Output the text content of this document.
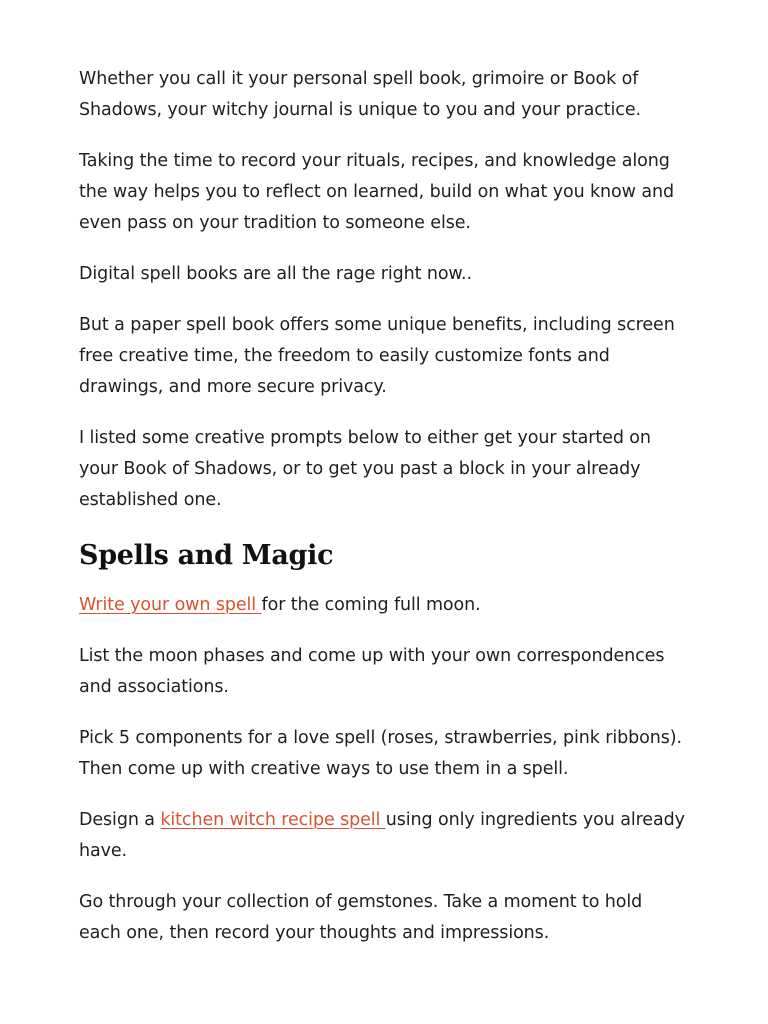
Whether you call it your personal spell book, grimoire or Book of Shadows, your witchy journal is unique to you and your practice.

Taking the time to record your rituals, recipes, and knowledge along the way helps you to reflect on learned, build on what you know and even pass on your tradition to someone else.

Digital spell books are all the rage right now..

But a paper spell book offers some unique benefits, including screen free creative time, the freedom to easily customize fonts and drawings, and more secure privacy.

I listed some creative prompts below to either get your started on your Book of Shadows, or to get you past a block in your already established one.

Spells and Magic

Write your own spell for the coming full moon.

List the moon phases and come up with your own correspondences and associations.

Pick 5 components for a love spell (roses, strawberries, pink ribbons). Then come up with creative ways to use them in a spell.

Design a kitchen witch recipe spell using only ingredients you already have.

Go through your collection of gemstones. Take a moment to hold each one, then record your thoughts and impressions.
